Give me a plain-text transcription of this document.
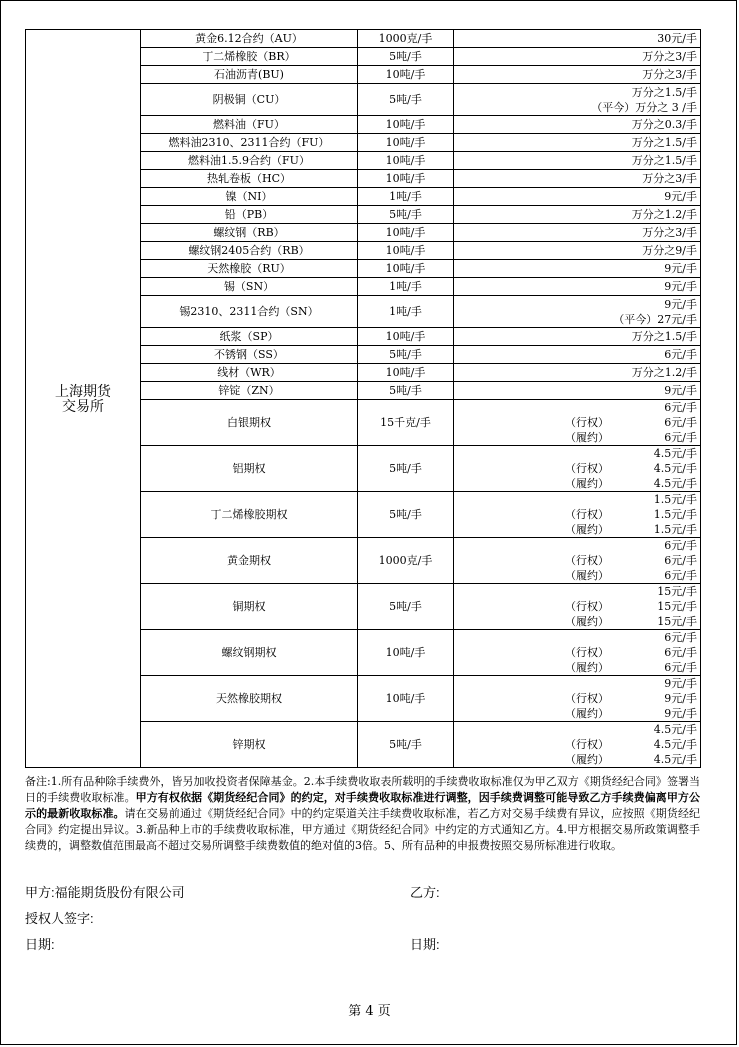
上海期货
交易所	黄金6.12合约（AU）	1000克/手	30元/手

	丁二烯橡胶（BR）	5吨/手	万分之3/手

	石油沥青(BU)	10吨/手	万分之3/手

	阴极铜（CU）	5吨/手	万分之1.5/手
（平今）万分之 3 /手

	燃料油（FU）	10吨/手	万分之0.3/手

	燃料油2310、2311合约（FU）	10吨/手	万分之1.5/手

	燃料油1.5.9合约（FU）	10吨/手	万分之1.5/手

	热轧卷板（HC）	10吨/手	万分之3/手

	镍（NI）	1吨/手	9元/手

	铅（PB）	5吨/手	万分之1.2/手

	螺纹钢（RB）	10吨/手	万分之3/手

	螺纹钢2405合约（RB）	10吨/手	万分之9/手

	天然橡胶（RU）	10吨/手	9元/手

	锡（SN）	1吨/手	9元/手

	锡2310、2311合约（SN）	1吨/手	9元/手
（平今）27元/手

	纸浆（SP）	10吨/手	万分之1.5/手

	不锈钢（SS）	5吨/手	6元/手

	线材（WR）	10吨/手	万分之1.2/手

	锌锭（ZN）	5吨/手	9元/手

	白银期权	15千克/手	6元/手
（行权） 6元/手
（履约） 6元/手

	铝期权	5吨/手	4.5元/手
（行权） 4.5元/手
（履约） 4.5元/手

	丁二烯橡胶期权	5吨/手	1.5元/手
（行权） 1.5元/手
（履约） 1.5元/手

	黄金期权	1000克/手	6元/手
（行权） 6元/手
（履约） 6元/手

	铜期权	5吨/手	15元/手
（行权） 15元/手
（履约） 15元/手

	螺纹钢期权	10吨/手	6元/手
（行权） 6元/手
（履约） 6元/手

	天然橡胶期权	10吨/手	9元/手
（行权） 9元/手
（履约） 9元/手

	锌期权	5吨/手	4.5元/手
（行权） 4.5元/手
（履约） 4.5元/手
备注:1.所有品种除手续费外，皆另加收投资者保障基金。2.本手续费收取表所载明的手续费收取标准仅为甲乙双方《期货经纪合同》签署当日的手续费收取标准。甲方有权依据《期货经纪合同》的约定，对手续费收取标准进行调整，因手续费调整可能导致乙方手续费偏离甲方公示的最新收取标准。请在交易前通过《期货经纪合同》中的约定渠道关注手续费收取标准，若乙方对交易手续费有异议，应按照《期货经纪合同》约定提出异议。3.新品种上市的手续费收取标准，甲方通过《期货经纪合同》中约定的方式通知乙方。4.甲方根据交易所政策调整手续费的，调整数值范围最高不超过交易所调整手续费数值的绝对值的3倍。5、所有品种的申报费按照交易所标准进行收取。
甲方:福能期货股份有限公司	乙方:
授权人签字:
日期:	日期:
第 4 页
